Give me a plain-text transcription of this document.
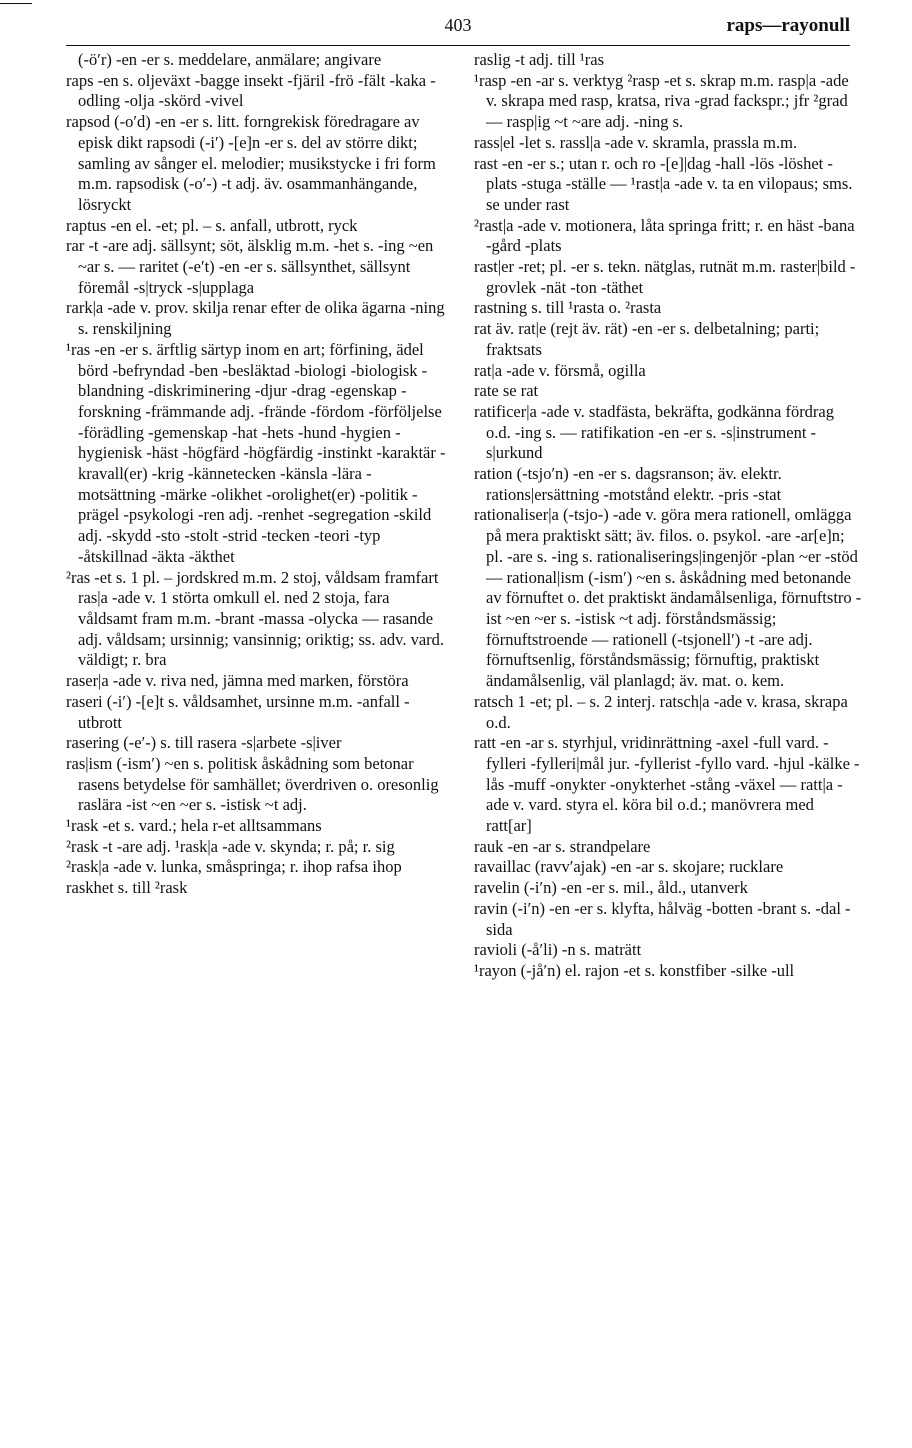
403	raps—rayonull

(-ö′r) -en -er s. meddelare, anmälare; angivare

raps -en s. oljeväxt -bagge insekt -fjäril -frö -fält -kaka -odling -olja -skörd -vivel

rapsod (-o′d) -en -er s. litt. forngrekisk föredragare av episk dikt rapsodi (-i′) -[e]n -er s. del av större dikt; samling av sånger el. melodier; musikstycke i fri form m.m. rapsodisk (-o′-) -t adj. äv. osammanhängande, lösryckt

raptus -en el. -et; pl. – s. anfall, utbrott, ryck

rar -t -are adj. sällsynt; söt, älsklig m.m. -het s. -ing ~en ~ar s. — raritet (-e′t) -en -er s. sällsynthet, sällsynt föremål -s|tryck -s|upplaga

rark|a -ade v. prov. skilja renar efter de olika ägarna -ning s. renskiljning

¹ras -en -er s. ärftlig särtyp inom en art; förfining, ädel börd -befryndad -ben -besläktad -biologi -biologisk -blandning -diskriminering -djur -drag -egenskap -forskning -främmande adj. -frände -fördom -förföljelse -förädling -gemenskap -hat -hets -hund -hygien -hygienisk -häst -högfärd -högfärdig -instinkt -karaktär -kravall(er) -krig -kännetecken -känsla -lära -motsättning -märke -olikhet -orolighet(er) -politik -prägel -psykologi -ren adj. -renhet -segregation -skild adj. -skydd -sto -stolt -strid -tecken -teori -typ -åtskillnad -äkta -äkthet

²ras -et s. 1 pl. – jordskred m.m. 2 stoj, våldsam framfart ras|a -ade v. 1 störta omkull el. ned 2 stoja, fara våldsamt fram m.m. -brant -massa -olycka — rasande adj. våldsam; ursinnig; vansinnig; oriktig; ss. adv. vard. väldigt; r. bra

raser|a -ade v. riva ned, jämna med marken, förstöra

raseri (-i′) -[e]t s. våldsamhet, ursinne m.m. -anfall -utbrott

rasering (-e′-) s. till rasera -s|arbete -s|iver

ras|ism (-ism′) ~en s. politisk åskådning som betonar rasens betydelse för samhället; överdriven o. oresonlig raslära -ist ~en ~er s. -istisk ~t adj.

¹rask -et s. vard.; hela r-et alltsammans

²rask -t -are adj. ¹rask|a -ade v. skynda; r. på; r. sig

²rask|a -ade v. lunka, småspringa; r. ihop rafsa ihop

raskhet s. till ²rask

raslig -t adj. till ¹ras

¹rasp -en -ar s. verktyg ²rasp -et s. skrap m.m. rasp|a -ade v. skrapa med rasp, kratsa, riva -grad fackspr.; jfr ²grad — rasp|ig ~t ~are adj. -ning s.

rass|el -let s. rassl|a -ade v. skramla, prassla m.m.

rast -en -er s.; utan r. och ro -[e]|dag -hall -lös -löshet -plats -stuga -ställe — ¹rast|a -ade v. ta en vilopaus; sms. se under rast

²rast|a -ade v. motionera, låta springa fritt; r. en häst -bana -gård -plats

rast|er -ret; pl. -er s. tekn. nätglas, rutnät m.m. raster|bild -grovlek -nät -ton -täthet

rastning s. till ¹rasta o. ²rasta

rat äv. rat|e (rejt äv. rät) -en -er s. delbetalning; parti; fraktsats

rat|a -ade v. försmå, ogilla

rate se rat

ratificer|a -ade v. stadfästa, bekräfta, godkänna fördrag o.d. -ing s. — ratifikation -en -er s. -s|instrument -s|urkund

ration (-tsjo′n) -en -er s. dagsranson; äv. elektr. rations|ersättning -motstånd elektr. -pris -stat

rationaliser|a (-tsjo-) -ade v. göra mera rationell, omlägga på mera praktiskt sätt; äv. filos. o. psykol. -are -ar[e]n; pl. -are s. -ing s. rationaliserings|ingenjör -plan ~er -stöd — rational|ism (-ism′) ~en s. åskådning med betonande av förnuftet o. det praktiskt ändamålsenliga, förnuftstro -ist ~en ~er s. -istisk ~t adj. förståndsmässig; förnuftstroende — rationell (-tsjonell′) -t -are adj. förnuftsenlig, förståndsmässig; förnuftig, praktiskt ändamålsenlig, väl planlagd; äv. mat. o. kem.

ratsch 1 -et; pl. – s. 2 interj. ratsch|a -ade v. krasa, skrapa o.d.

ratt -en -ar s. styrhjul, vridinrättning -axel -full vard. -fylleri -fylleri|mål jur. -fyllerist -fyllo vard. -hjul -kälke -lås -muff -onykter -onykterhet -stång -växel — ratt|a -ade v. vard. styra el. köra bil o.d.; manövrera med ratt[ar]

rauk -en -ar s. strandpelare

ravaillac (ravv′ajak) -en -ar s. skojare; rucklare

ravelin (-i′n) -en -er s. mil., åld., utanverk

ravin (-i′n) -en -er s. klyfta, hålväg -botten -brant s. -dal -sida

ravioli (-å′li) -n s. maträtt

¹rayon (-jå′n) el. rajon -et s. konstfiber -silke -ull
